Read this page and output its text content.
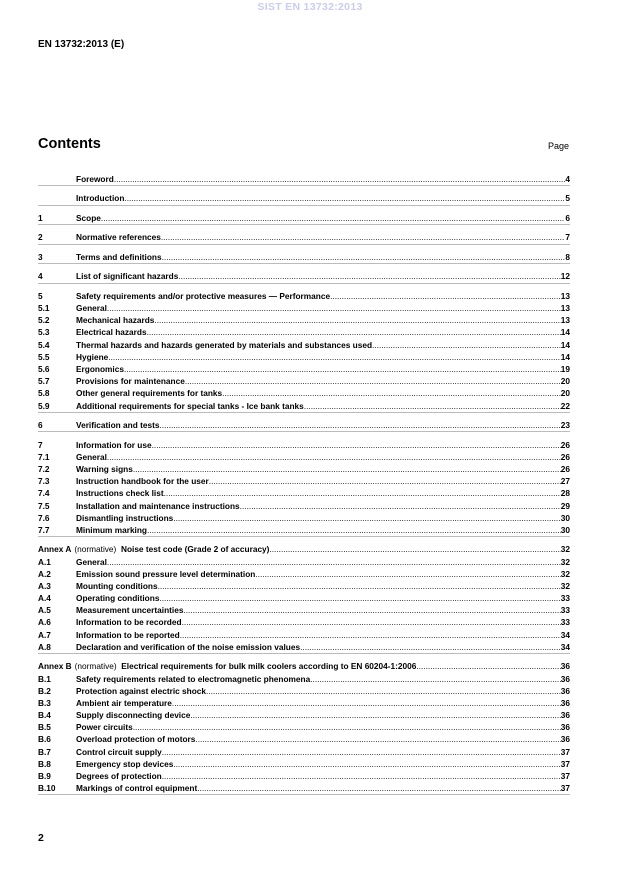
SIST EN 13732:2013
EN 13732:2013 (E)
Contents	Page
Foreword .....	4
Introduction .....	5
1	Scope .....	6
2	Normative references .....	7
3	Terms and definitions .....	8
4	List of significant hazards .....	12
5	Safety requirements and/or protective measures — Performance .....	13
5.1	General .....	13
5.2	Mechanical hazards .....	13
5.3	Electrical hazards .....	14
5.4	Thermal hazards and hazards generated by materials and substances used .....	14
5.5	Hygiene .....	14
5.6	Ergonomics .....	19
5.7	Provisions for maintenance .....	20
5.8	Other general requirements for tanks .....	20
5.9	Additional requirements for special tanks - Ice bank tanks .....	22
6	Verification and tests .....	23
7	Information for use .....	26
7.1	General .....	26
7.2	Warning signs .....	26
7.3	Instruction handbook for the user .....	27
7.4	Instructions check list .....	28
7.5	Installation and maintenance instructions .....	29
7.6	Dismantling instructions .....	30
7.7	Minimum marking .....	30
Annex A (normative) Noise test code (Grade 2 of accuracy) .....	32
A.1	General .....	32
A.2	Emission sound pressure level determination .....	32
A.3	Mounting conditions .....	32
A.4	Operating conditions .....	33
A.5	Measurement uncertainties .....	33
A.6	Information to be recorded .....	33
A.7	Information to be reported .....	34
A.8	Declaration and verification of the noise emission values .....	34
Annex B (normative) Electrical requirements for bulk milk coolers according to EN 60204-1:2006 .....	36
B.1	Safety requirements related to electromagnetic phenomena .....	36
B.2	Protection against electric shock .....	36
B.3	Ambient air temperature .....	36
B.4	Supply disconnecting device .....	36
B.5	Power circuits .....	36
B.6	Overload protection of motors .....	36
B.7	Control circuit supply .....	37
B.8	Emergency stop devices .....	37
B.9	Degrees of protection .....	37
B.10	Markings of control equipment .....	37
2
